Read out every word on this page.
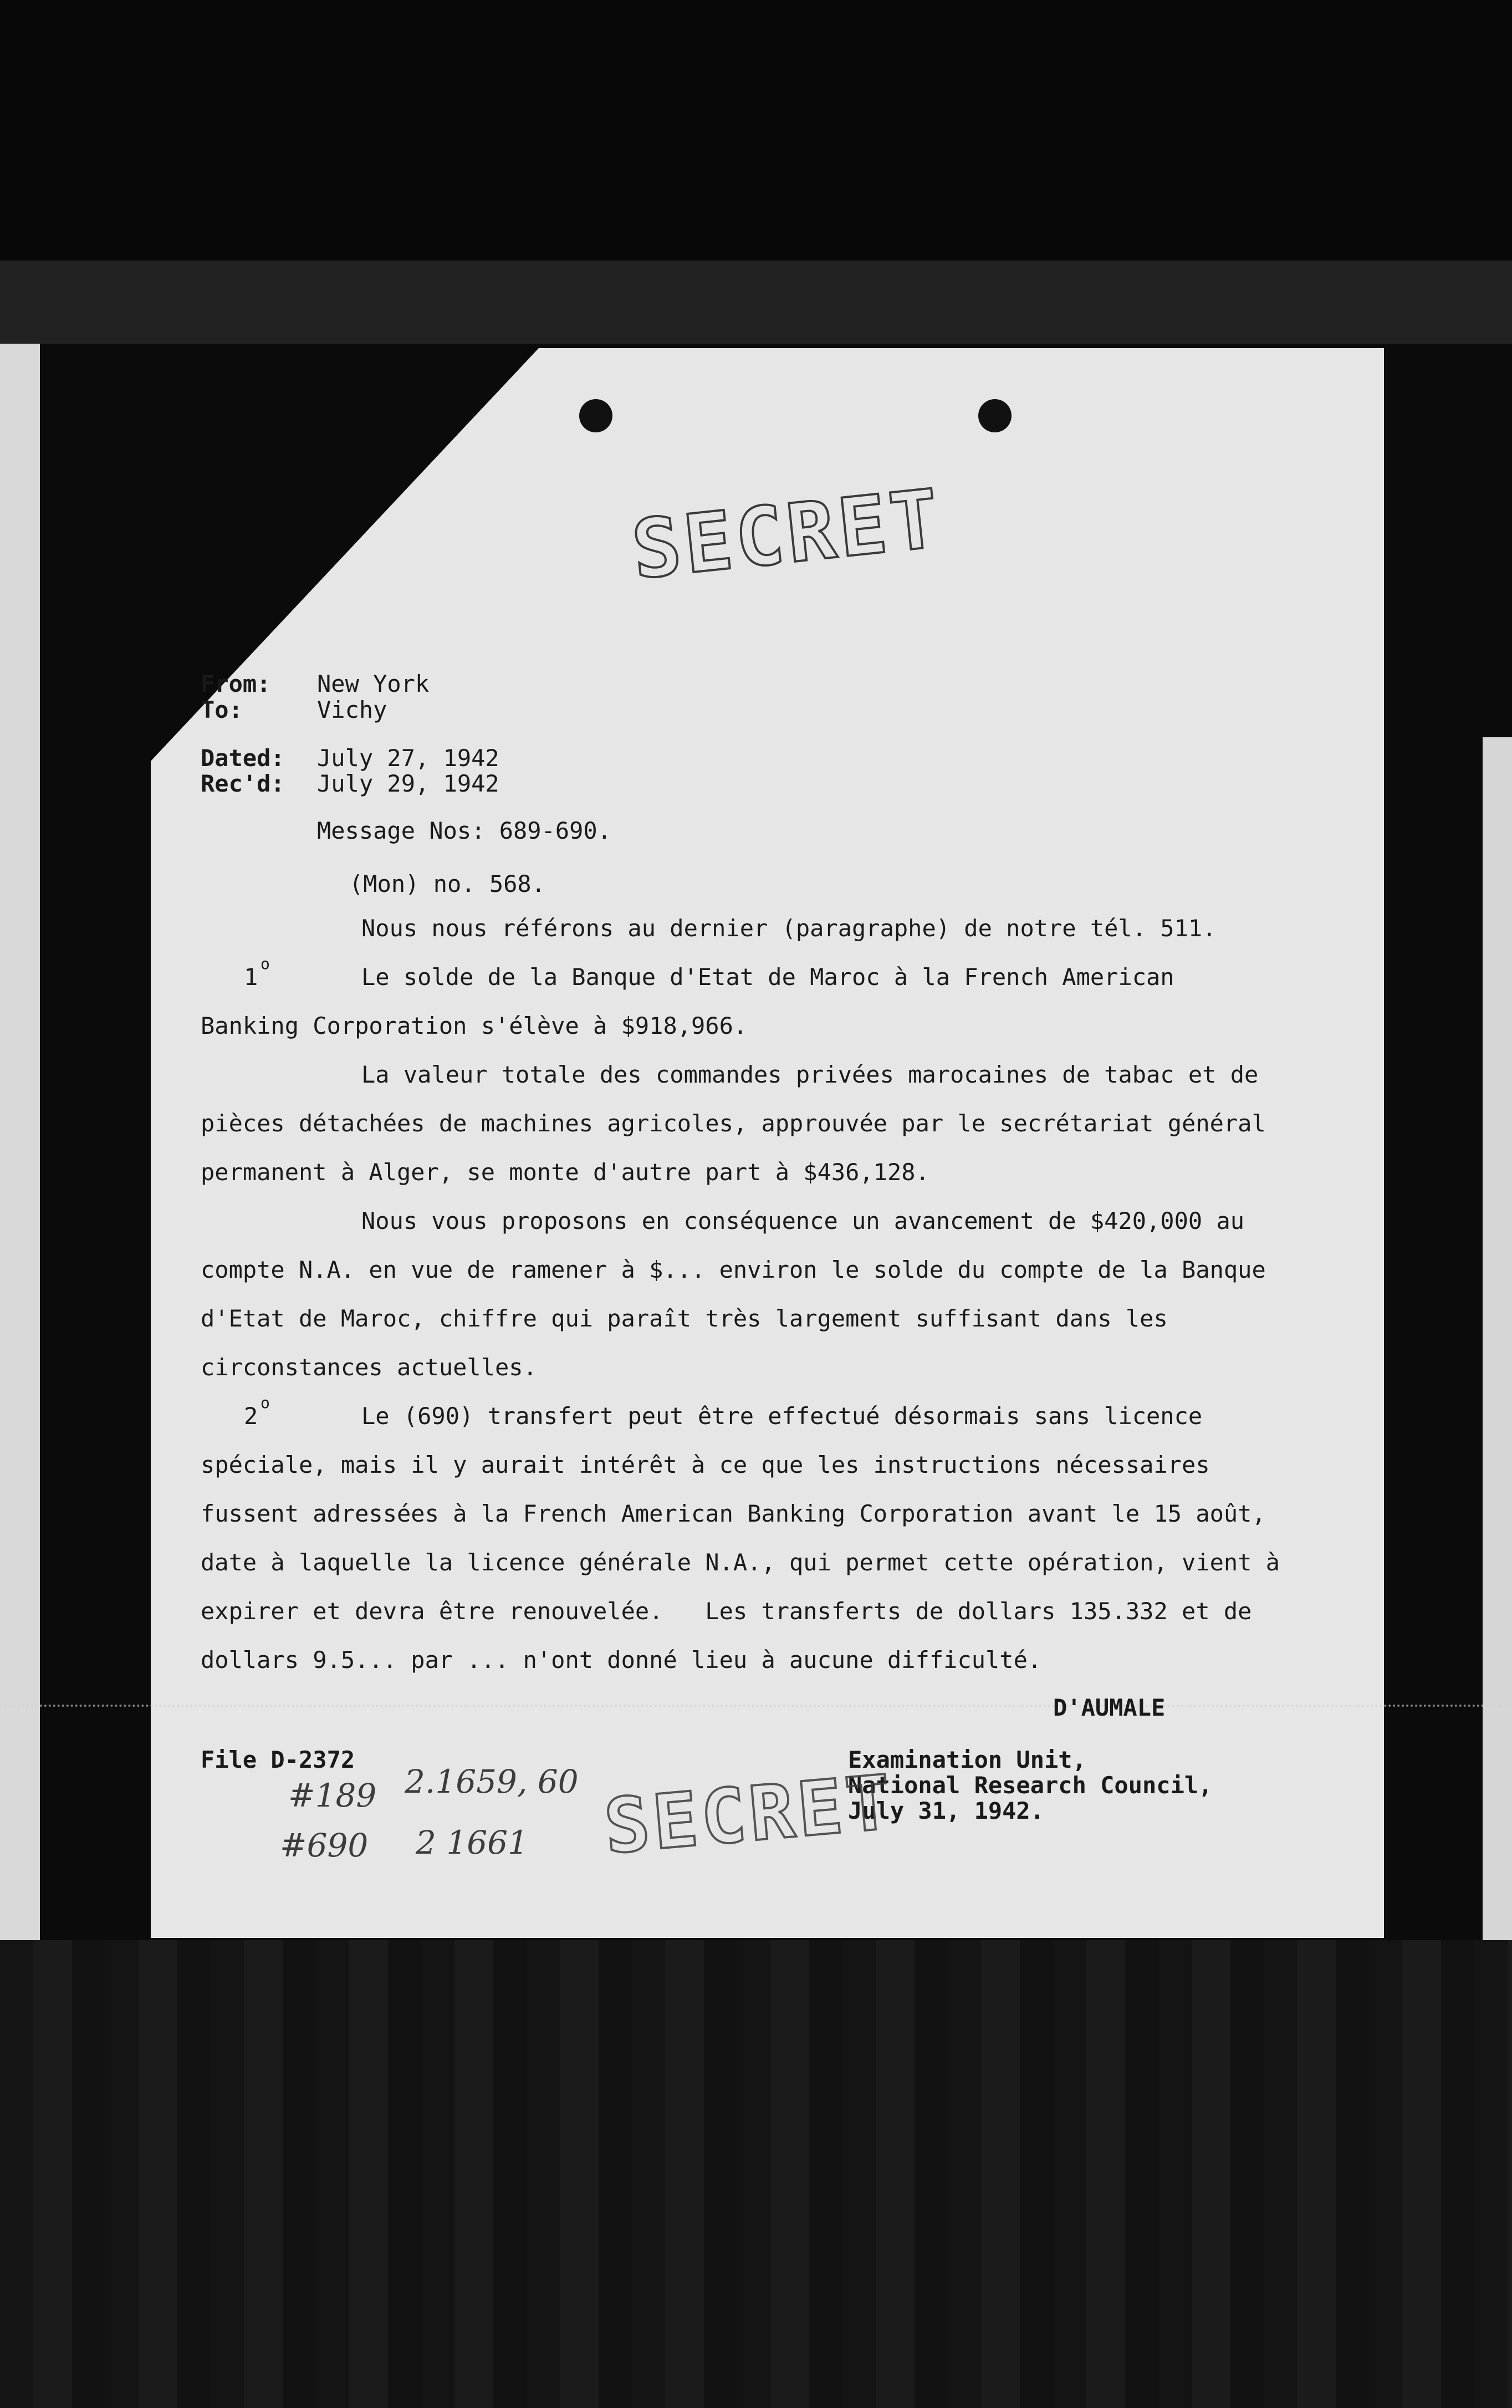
SECRET
From: New York
To:	Vichy
Dated: July 27, 1942
Rec'd: July 29, 1942
Message Nos: 689-690.
(Mon) no. 568.
Nous nous référons au dernier (paragraphe) de notre tél. 511.
1 o	Le solde de la Banque d'Etat de Maroc à la French American
Banking Corporation s'élève à $918,966.
La valeur totale des commandes privées marocaines de tabac et de
pièces détachées de machines agricoles, approuvée par le secrétariat général
permanent à Alger, se monte d'autre part à $436,128.
Nous vous proposons en conséquence un avancement de $420,000 au
compte N.A. en vue de ramener à $... environ le solde du compte de la Banque
d'Etat de Maroc, chiffre qui paraît très largement suffisant dans les
circonstances actuelles.
2 o	Le (690) transfert peut être effectué désormais sans licence
spéciale, mais il y aurait intérêt à ce que les instructions nécessaires
fussent adressées à la French American Banking Corporation avant le 15 août,
date à laquelle la licence générale N.A., qui permet cette opération, vient à
expirer et devra être renouvelée.   Les transferts de dollars 135.332 et de
dollars 9.5... par ... n'ont donné lieu à aucune difficulté.
D'AUMALE
File D-2372	Examination Unit,
National Research Council,
July 31, 1942.
#189 2.1659, 60
#690 2 1661 SECRET
